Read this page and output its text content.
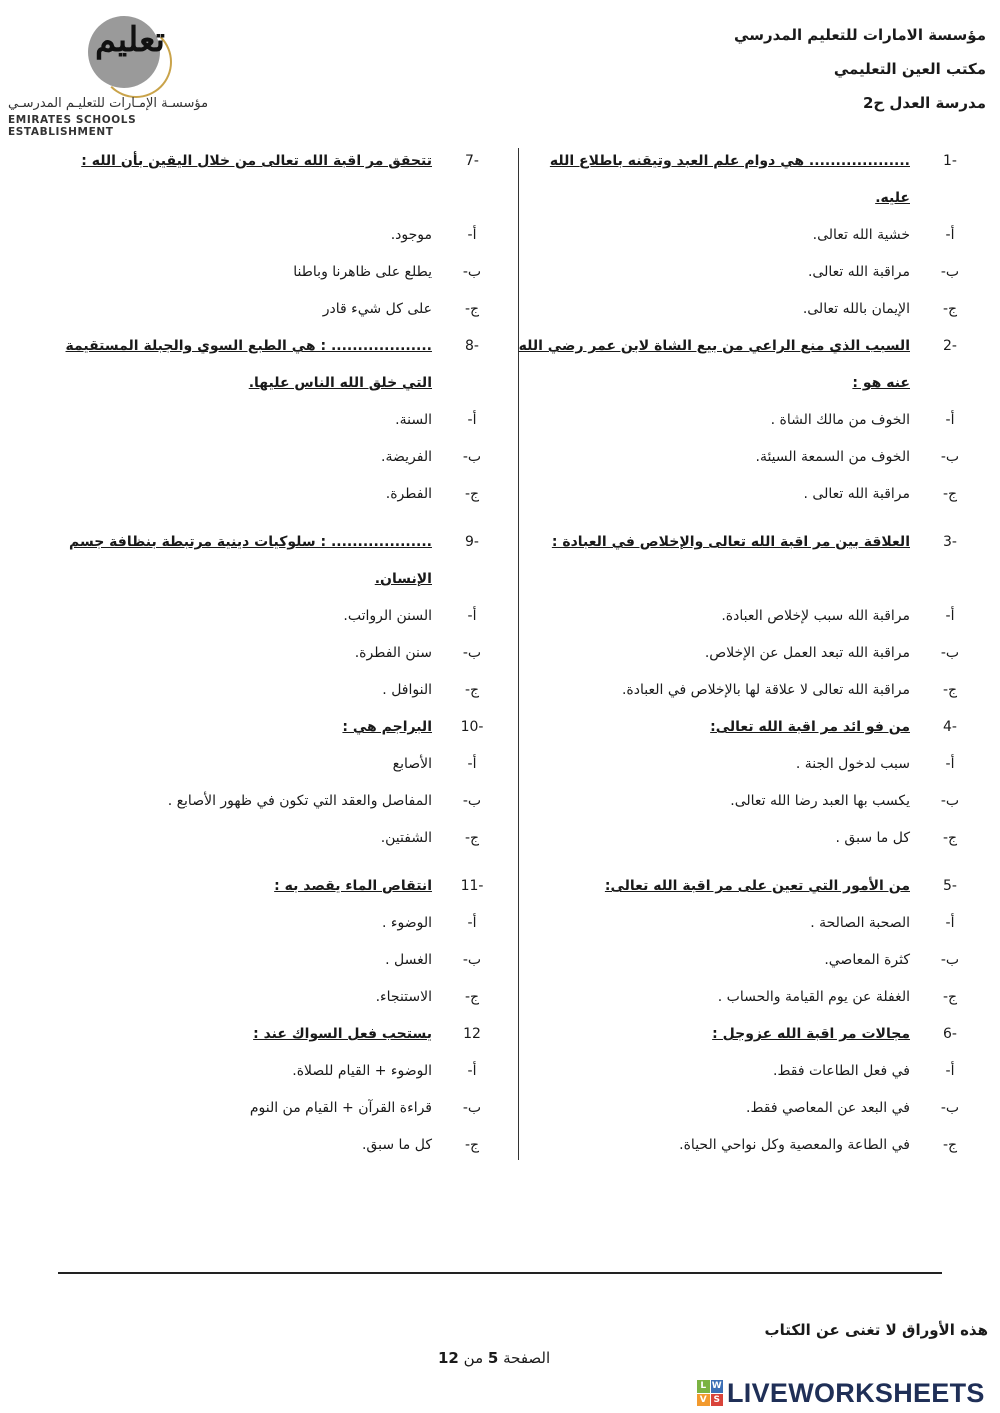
مؤسسة الامارات للتعليم المدرسي
مكتب العين التعليمي
مدرسة العدل ح2
تعليم
مؤسسـة الإمـارات للتعليـم المدرسـي
EMIRATES SCHOOLS ESTABLISHMENT
1-
................... هي دوام علم العبد وتيقنه باطلاع الله عليه.
أ-
خشية الله تعالى.
ب-
مراقبة الله تعالى.
ج-
الإيمان بالله تعالى.
2-
السبب الذي منع الراعي من بيع الشاة لابن عمر رضي الله عنه هو :
أ-
الخوف من مالك الشاة .
ب-
الخوف من السمعة السيئة.
ج-
مراقبة الله تعالى .
3-
العلاقة بين مر اقبة الله تعالى والإخلاص في العبادة :
أ-
مراقبة الله سبب لإخلاص العبادة.
ب-
مراقبة الله تبعد العمل عن الإخلاص.
ج-
مراقبة الله تعالى لا علاقة لها بالإخلاص في العبادة.
4-
من فو ائد مر اقبة الله تعالى:
أ-
سبب لدخول الجنة .
ب-
يكسب بها العبد رضا الله تعالى.
ج-
كل ما سبق .
5-
من الأمور التي تعين على مر اقبة الله تعالى:
أ-
الصحبة الصالحة .
ب-
كثرة المعاصي.
ج-
الغفلة عن يوم القيامة والحساب .
6-
مجالات مر اقبة الله عزوجل :
أ-
في فعل الطاعات فقط.
ب-
في البعد عن المعاصي فقط.
ج-
في الطاعة والمعصية وكل نواحي الحياة.
7-
تتحقق مر اقبة الله تعالى من خلال اليقين بأن الله :
أ-
موجود.
ب-
يطلع على ظاهرنا وباطنا
ج-
على كل شيء قادر
8-
................... : هي الطبع السوي والجبلة المستقيمة التي خلق الله الناس عليها.
أ-
السنة.
ب-
الفريضة.
ج-
الفطرة.
9-
................... : سلوكيات دينية مرتبطة بنظافة جسم الإنسان.
أ-
السنن الرواتب.
ب-
سنن الفطرة.
ج-
النوافل .
10-
البراجم هي :
أ-
الأصابع
ب-
المفاصل والعقد التي تكون في ظهور الأصابع .
ج-
الشفتين.
11-
انتقاص الماء يقصد به :
أ-
الوضوء .
ب-
الغسل .
ج-
الاستنجاء.
12
يستحب فعل السواك عند :
أ-
الوضوء + القيام للصلاة.
ب-
قراءة القرآن + القيام من النوم
ج-
كل ما سبق.
هذه الأوراق لا تغنى عن الكتاب
الصفحة 5 من 12
L W
V S LIVEWORKSHEETS
